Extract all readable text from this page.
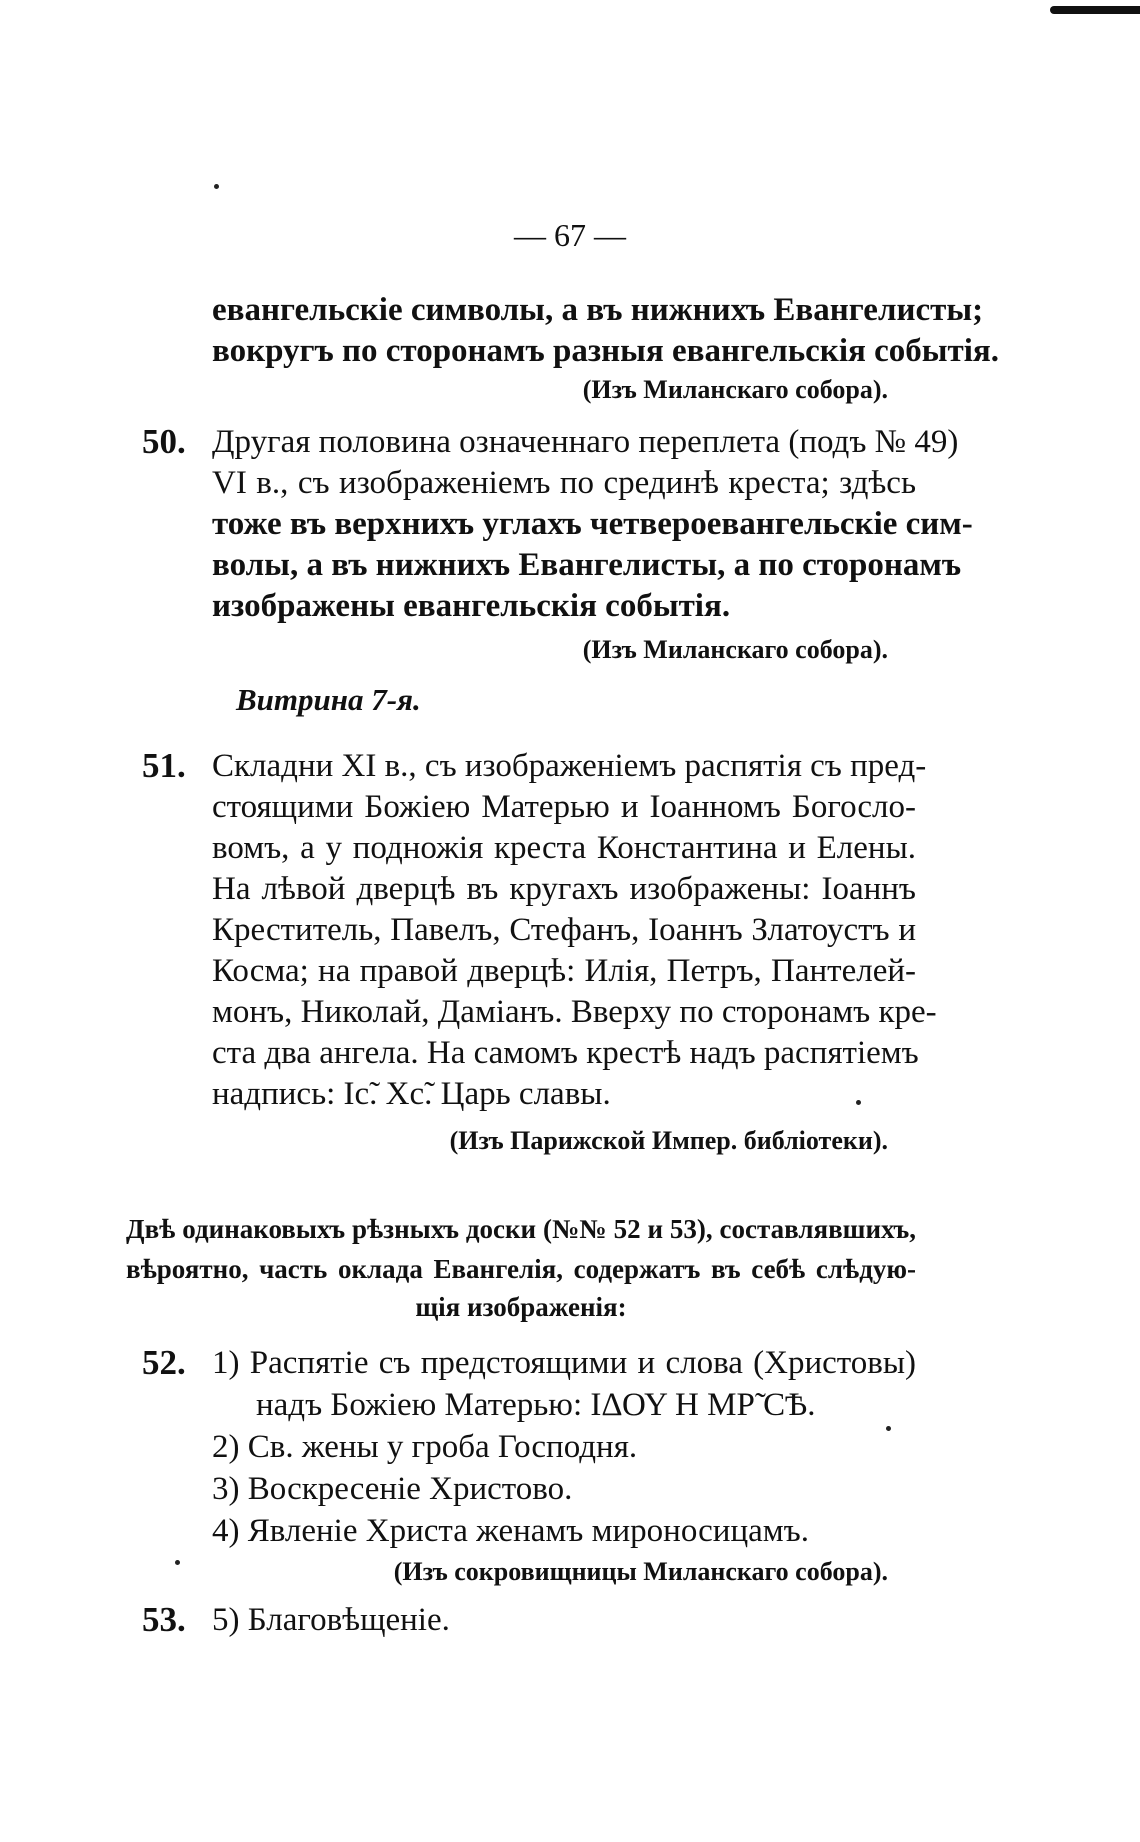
— 67 —
евангельскіе символы, а въ нижнихъ Евангелисты;
вокругъ по сторонамъ разныя евангельскія событія.
(Изъ Миланскаго собора).
50. Другая половина означеннаго переплета (подъ № 49)
VI в., съ изображеніемъ по срединѣ креста; здѣсь
тоже въ верхнихъ углахъ четвероевангельскіе сим-
волы, а въ нижнихъ Евангелисты, а по сторонамъ
изображены евангельскія событія.
(Изъ Миланскаго собора).
Витрина 7-я.
51. Складни XI в., съ изображеніемъ распятія съ пред-
стоящими Божіею Матерью и Іоанномъ Богосло-
вомъ, а у подножія креста Константина и Елены.
На лѣвой дверцѣ въ кругахъ изображены: Іоаннъ
Креститель, Павелъ, Стефанъ, Іоаннъ Златоустъ и
Косма; на правой дверцѣ: Илія, Петръ, Пантелей-
монъ, Николай, Даміанъ. Вверху по сторонамъ кре-
ста два ангела. На самомъ крестѣ надъ распятіемъ
надпись: Іс̃. Хс̃. Царь славы.
(Изъ Парижской Импер. библіотеки).
Двѣ одинаковыхъ рѣзныхъ доски (№№ 52 и 53), составлявшихъ,
вѣроятно, часть оклада Евангелія, содержатъ въ себѣ слѣдую-
щія изображенія:
52. 1) Распятіе съ предстоящими и слова (Христовы)
надъ Божіею Матерью: ΙΔΟΥ Η ΜР̃ СѢ.
2) Св. жены у гроба Господня.
3) Воскресеніе Христово.
4) Явленіе Христа женамъ мироносицамъ.
(Изъ сокровищницы Миланскаго собора).
53. 5) Благовѣщеніе.
